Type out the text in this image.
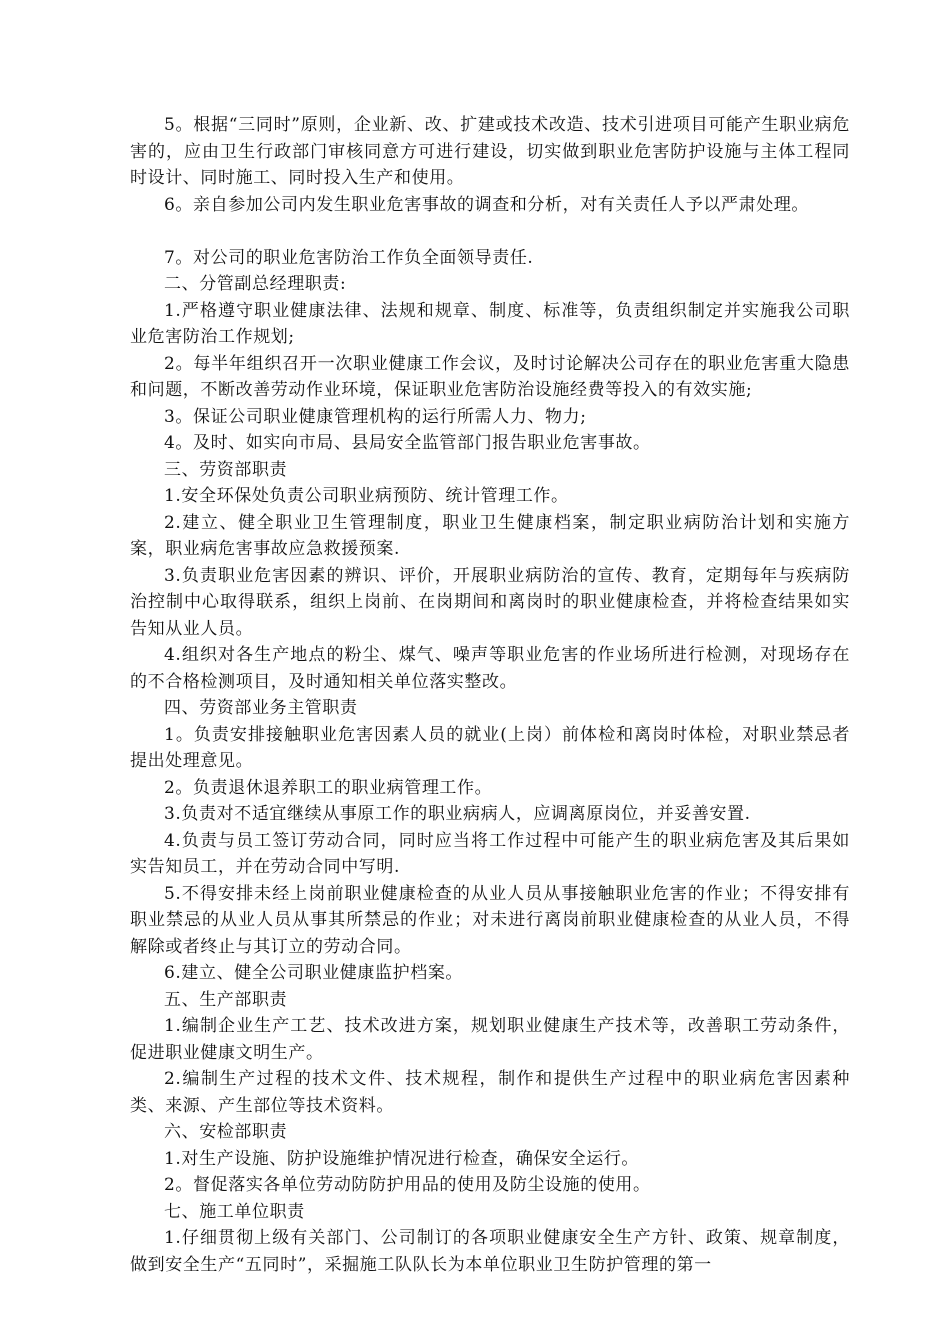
5。根据“三同时”原则，企业新、改、扩建或技术改造、技术引进项目可能产生职业病危害的，应由卫生行政部门审核同意方可进行建设，切实做到职业危害防护设施与主体工程同时设计、同时施工、同时投入生产和使用。

6。亲自参加公司内发生职业危害事故的调查和分析，对有关责任人予以严肃处理。

7。对公司的职业危害防治工作负全面领导责任.

二、分管副总经理职责:

1.严格遵守职业健康法律、法规和规章、制度、标准等，负责组织制定并实施我公司职业危害防治工作规划;

2。每半年组织召开一次职业健康工作会议，及时讨论解决公司存在的职业危害重大隐患和问题，不断改善劳动作业环境，保证职业危害防治设施经费等投入的有效实施;

3。保证公司职业健康管理机构的运行所需人力、物力;

4。及时、如实向市局、县局安全监管部门报告职业危害事故。

三、劳资部职责

1.安全环保处负责公司职业病预防、统计管理工作。

2.建立、健全职业卫生管理制度，职业卫生健康档案，制定职业病防治计划和实施方案，职业病危害事故应急救援预案.

3.负责职业危害因素的辨识、评价，开展职业病防治的宣传、教育，定期每年与疾病防治控制中心取得联系，组织上岗前、在岗期间和离岗时的职业健康检查，并将检查结果如实告知从业人员。

4.组织对各生产地点的粉尘、煤气、噪声等职业危害的作业场所进行检测，对现场存在的不合格检测项目，及时通知相关单位落实整改。

四、劳资部业务主管职责

1。负责安排接触职业危害因素人员的就业(上岗）前体检和离岗时体检，对职业禁忌者提出处理意见。

2。负责退休退养职工的职业病管理工作。

3.负责对不适宜继续从事原工作的职业病病人，应调离原岗位，并妥善安置.

4.负责与员工签订劳动合同，同时应当将工作过程中可能产生的职业病危害及其后果如实告知员工，并在劳动合同中写明.

5.不得安排未经上岗前职业健康检查的从业人员从事接触职业危害的作业；不得安排有职业禁忌的从业人员从事其所禁忌的作业；对未进行离岗前职业健康检查的从业人员，不得解除或者终止与其订立的劳动合同。

6.建立、健全公司职业健康监护档案。

五、生产部职责

1.编制企业生产工艺、技术改进方案，规划职业健康生产技术等，改善职工劳动条件，促进职业健康文明生产。

2.编制生产过程的技术文件、技术规程，制作和提供生产过程中的职业病危害因素种类、来源、产生部位等技术资料。

六、安检部职责

1.对生产设施、防护设施维护情况进行检查，确保安全运行。

2。督促落实各单位劳动防防护用品的使用及防尘设施的使用。

七、施工单位职责

1.仔细贯彻上级有关部门、公司制订的各项职业健康安全生产方针、政策、规章制度，做到安全生产“五同时”，采掘施工队队长为本单位职业卫生防护管理的第一
